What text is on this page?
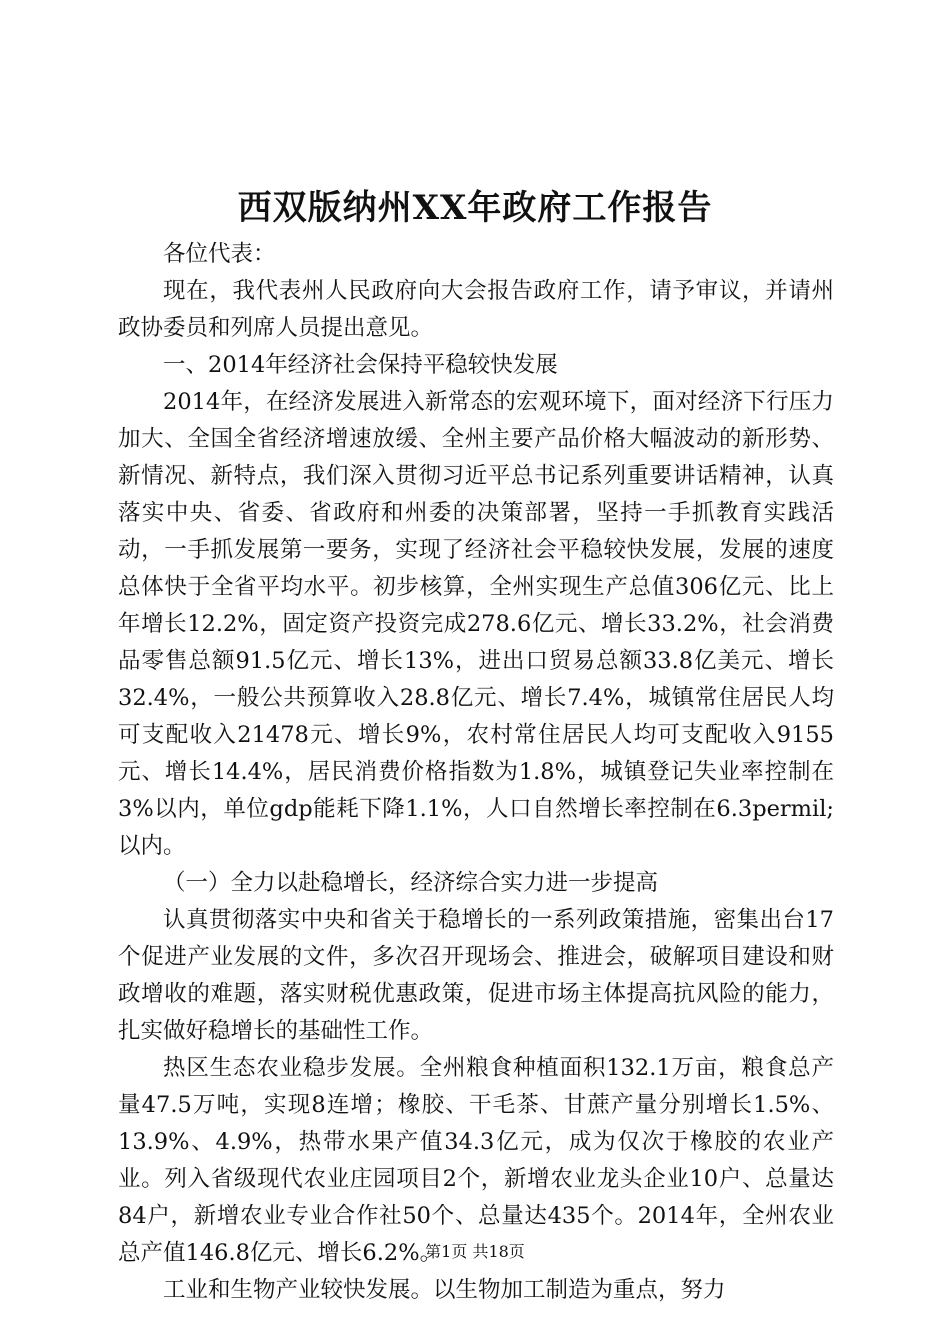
西双版纳州XX年政府工作报告

各位代表：

现在，我代表州人民政府向大会报告政府工作，请予审议，并请州政协委员和列席人员提出意见。

一、2014年经济社会保持平稳较快发展

2014年，在经济发展进入新常态的宏观环境下，面对经济下行压力加大、全国全省经济增速放缓、全州主要产品价格大幅波动的新形势、新情况、新特点，我们深入贯彻习近平总书记系列重要讲话精神，认真落实中央、省委、省政府和州委的决策部署，坚持一手抓教育实践活动，一手抓发展第一要务，实现了经济社会平稳较快发展，发展的速度总体快于全省平均水平。初步核算，全州实现生产总值306亿元、比上年增长12.2%，固定资产投资完成278.6亿元、增长33.2%，社会消费品零售总额91.5亿元、增长13%，进出口贸易总额33.8亿美元、增长32.4%，一般公共预算收入28.8亿元、增长7.4%，城镇常住居民人均可支配收入21478元、增长9%，农村常住居民人均可支配收入9155元、增长14.4%，居民消费价格指数为1.8%，城镇登记失业率控制在3%以内，单位gdp能耗下降1.1%，人口自然增长率控制在6.3permil;以内。

（一）全力以赴稳增长，经济综合实力进一步提高

认真贯彻落实中央和省关于稳增长的一系列政策措施，密集出台17个促进产业发展的文件，多次召开现场会、推进会，破解项目建设和财政增收的难题，落实财税优惠政策，促进市场主体提高抗风险的能力，扎实做好稳增长的基础性工作。

热区生态农业稳步发展。全州粮食种植面积132.1万亩，粮食总产量47.5万吨，实现8连增；橡胶、干毛茶、甘蔗产量分别增长1.5%、13.9%、4.9%，热带水果产值34.3亿元，成为仅次于橡胶的农业产业。列入省级现代农业庄园项目2个，新增农业龙头企业10户、总量达84户，新增农业专业合作社50个、总量达435个。2014年，全州农业总产值146.8亿元、增长6.2%。

工业和生物产业较快发展。以生物加工制造为重点，努力

第1页 共18页
